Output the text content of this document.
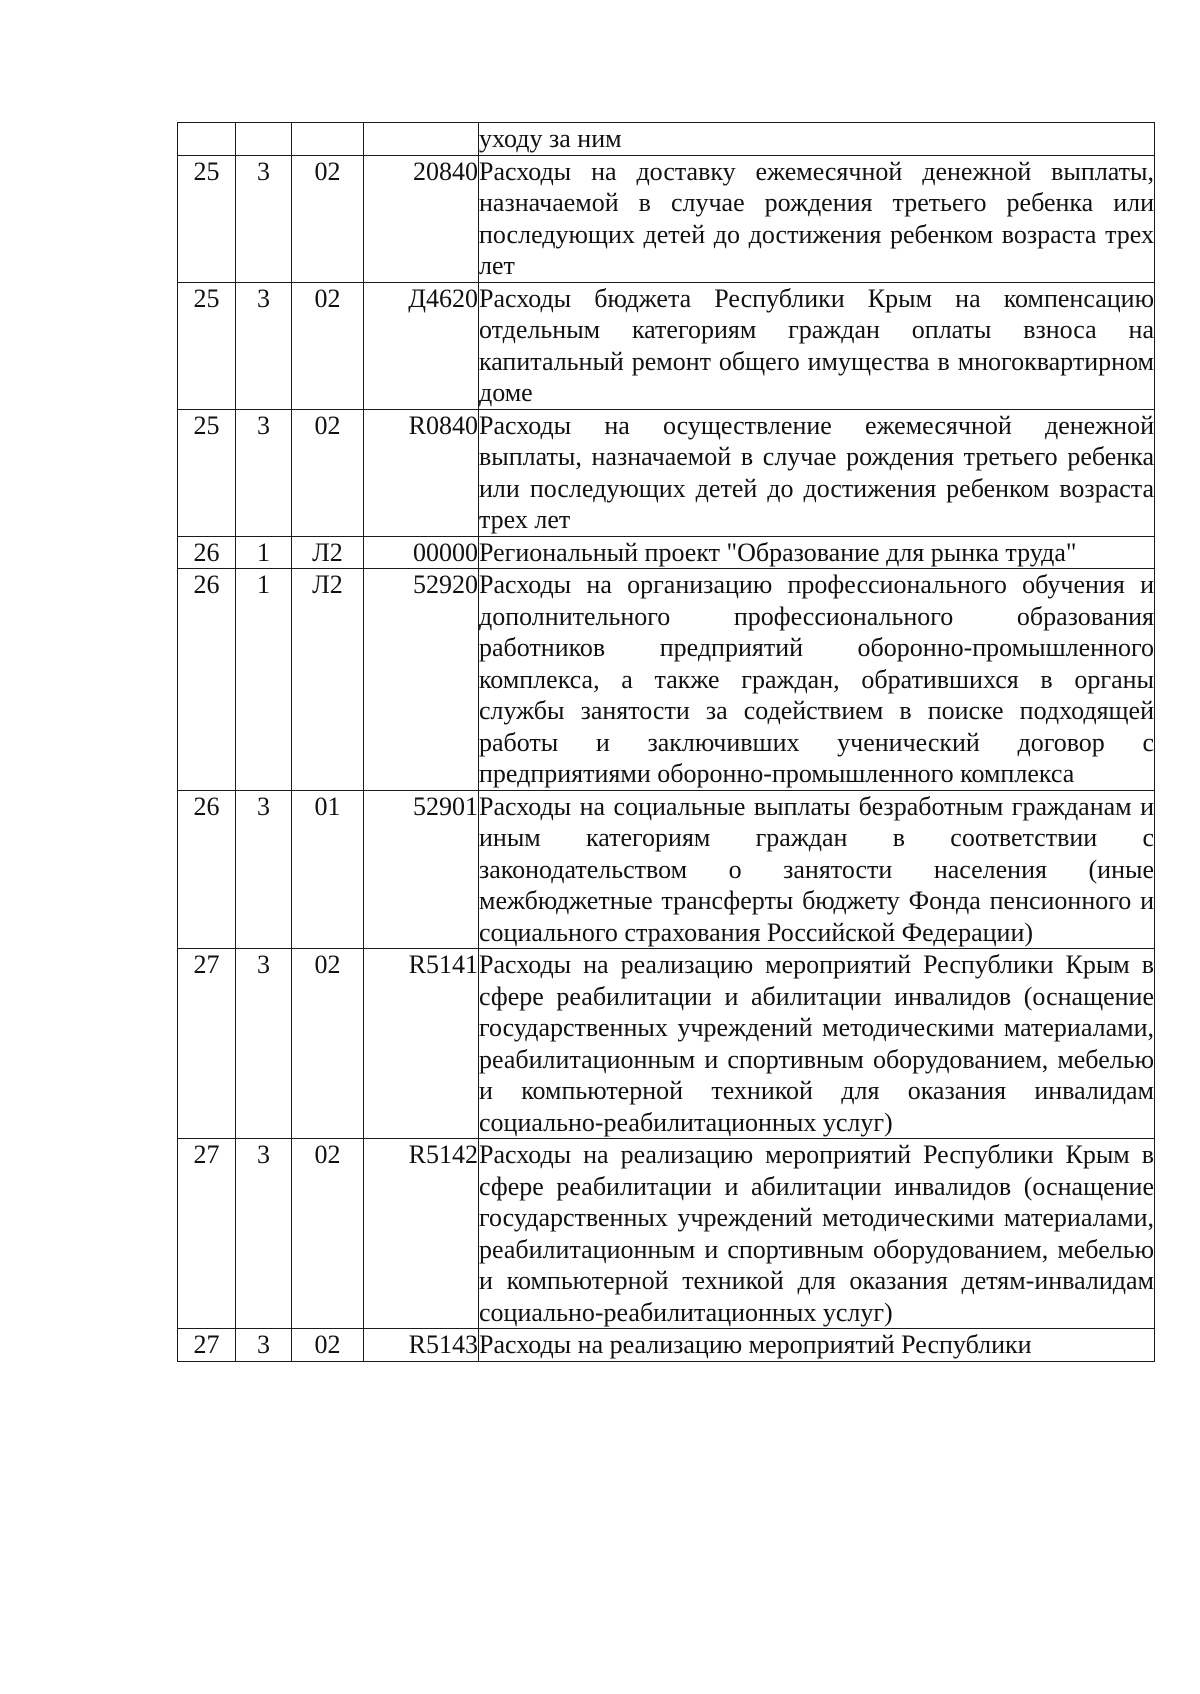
				уходу за ним
25	3	02	20840	Расходы на доставку ежемесячной денежной выплаты, назначаемой в случае рождения третьего ребенка или последующих детей до достижения ребенком возраста трех лет
25	3	02	Д4620	Расходы бюджета Республики Крым на компенсацию отдельным категориям граждан оплаты взноса на капитальный ремонт общего имущества в многоквартирном доме
25	3	02	R0840	Расходы на осуществление ежемесячной денежной выплаты, назначаемой в случае рождения третьего ребенка или последующих детей до достижения ребенком возраста трех лет
26	1	Л2	00000	Региональный проект "Образование для рынка труда"
26	1	Л2	52920	Расходы на организацию профессионального обучения и дополнительного профессионального образования работников предприятий оборонно-промышленного комплекса, а также граждан, обратившихся в органы службы занятости за содействием в поиске подходящей работы и заключивших ученический договор с предприятиями оборонно-промышленного комплекса
26	3	01	52901	Расходы на социальные выплаты безработным гражданам и иным категориям граждан в соответствии с законодательством о занятости населения (иные межбюджетные трансферты бюджету Фонда пенсионного и социального страхования Российской Федерации)
27	3	02	R5141	Расходы на реализацию мероприятий Республики Крым в сфере реабилитации и абилитации инвалидов (оснащение государственных учреждений методическими материалами, реабилитационным и спортивным оборудованием, мебелью и компьютерной техникой для оказания инвалидам социально-реабилитационных услуг)
27	3	02	R5142	Расходы на реализацию мероприятий Республики Крым в сфере реабилитации и абилитации инвалидов (оснащение государственных учреждений методическими материалами, реабилитационным и спортивным оборудованием, мебелью и компьютерной техникой для оказания детям-инвалидам социально-реабилитационных услуг)
27	3	02	R5143	Расходы на реализацию мероприятий Республики
